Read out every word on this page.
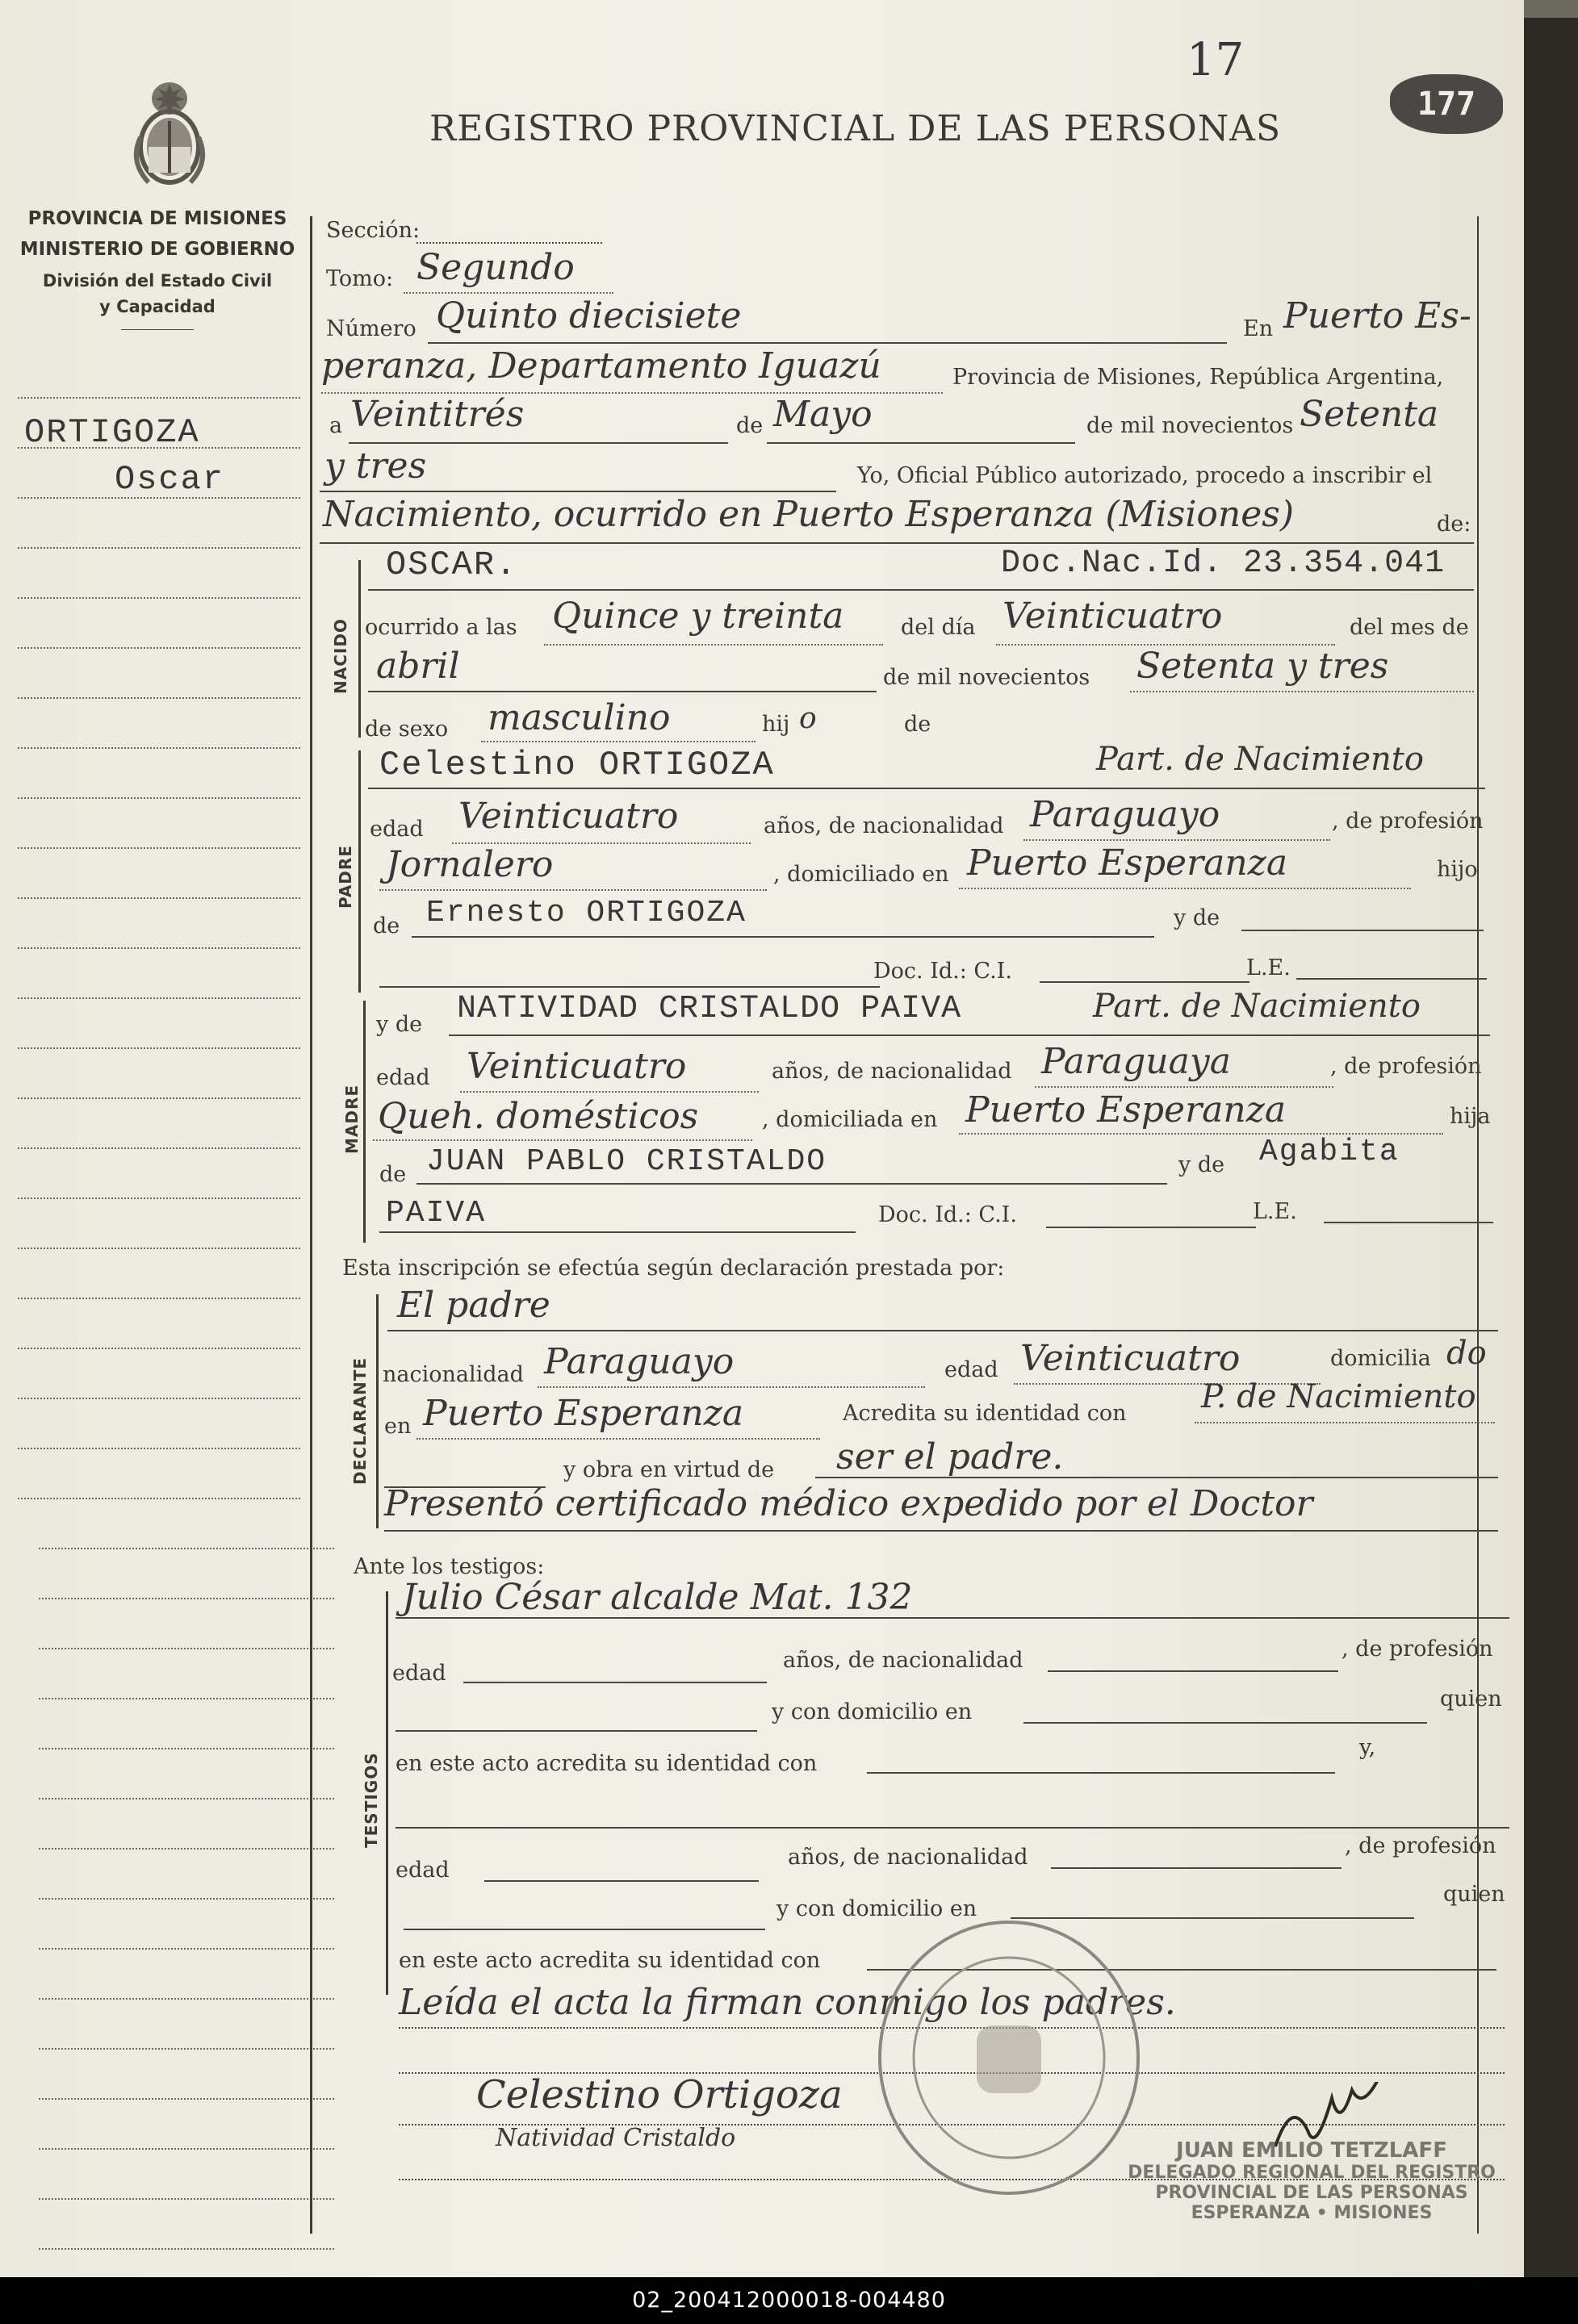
17
177
REGISTRO PROVINCIAL DE LAS PERSONAS
PROVINCIA DE MISIONES
MINISTERIO DE GOBIERNO
División del Estado Civil
y Capacidad
ORTIGOZA
Oscar
Sección:
Tomo: Segundo
Número Quinto diecisiete	En Puerto Es-
peranza, Departamento Iguazú	Provincia de Misiones, República Argentina,
a Veintitrés	de Mayo	de mil novecientos Setenta
y tres	Yo, Oficial Público autorizado, procedo a inscribir el
Nacimiento, ocurrido en Puerto Esperanza (Misiones)	de:
NACIDO
OSCAR.	Doc.Nac.Id. 23.354.041
ocurrido a las Quince y treinta	del día Veinticuatro	del mes de
abril	de mil novecientos Setenta y tres
de sexo masculino	hij o	de
PADRE
Celestino ORTIGOZA	Part. de Nacimiento
edad Veinticuatro	años, de nacionalidad Paraguayo	, de profesión
Jornalero	, domiciliado en Puerto Esperanza	hijo
de Ernesto ORTIGOZA	y de
Doc. Id.: C.I.	L.E.
MADRE
y de NATIVIDAD CRISTALDO PAIVA	Part. de Nacimiento
edad Veinticuatro	años, de nacionalidad Paraguaya	, de profesión
Queh. domésticos	, domiciliada en Puerto Esperanza	hija
de JUAN PABLO CRISTALDO	y de Agabita
PAIVA	Doc. Id.: C.I.	L.E.
Esta inscripción se efectúa según declaración prestada por:
DECLARANTE
El padre
nacionalidad Paraguayo	edad Veinticuatro	domicilia do
en Puerto Esperanza	Acredita su identidad con P. de Nacimiento
y obra en virtud de ser el padre.
Presentó certificado médico expedido por el Doctor
Ante los testigos:
TESTIGOS
Julio César alcalde Mat. 132
edad
años, de nacionalidad	, de profesión
y con domicilio en
quien
en este acto acredita su identidad con
y,
edad
años, de nacionalidad	, de profesión
y con domicilio en
quien
en este acto acredita su identidad con
Leída el acta la firman conmigo los padres.
Celestino Ortigoza
Natividad Cristaldo	JUAN EMILIO TETZLAFF
DELEGADO REGIONAL DEL REGISTRO
PROVINCIAL DE LAS PERSONAS
ESPERANZA • MISIONES
02_200412000018-004480
